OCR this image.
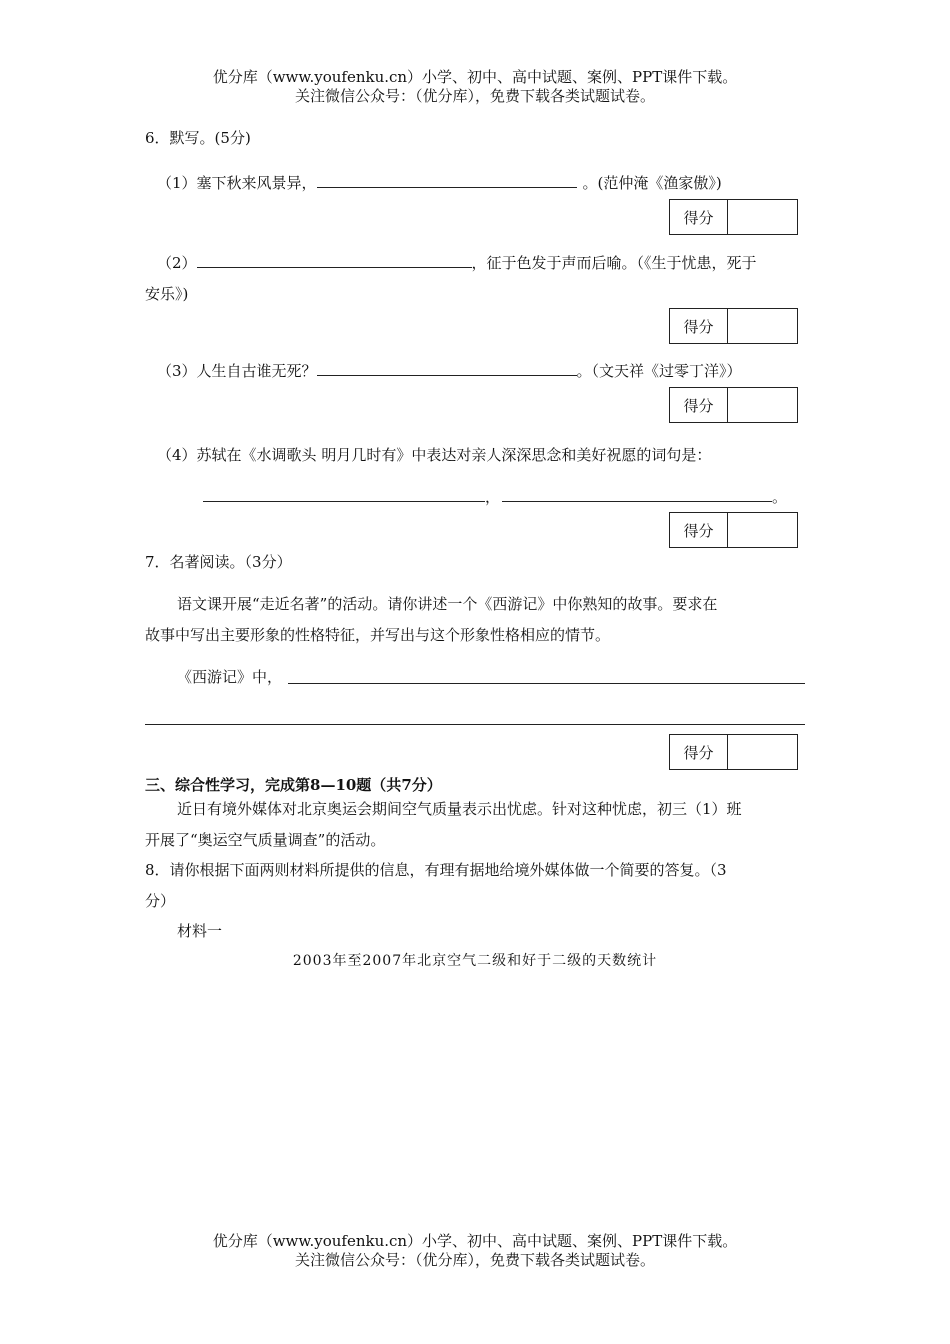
优分库（www.youfenku.cn）小学、初中、高中试题、案例、PPT课件下载。
关注微信公众号：（优分库），免费下载各类试题试卷。
6．默写。(5分)
（1）塞下秋来风景异，	。(范仲淹《渔家傲》)
得分
（2）	，征于色发于声而后喻。（《生于忧患，死于
安乐》)
得分
（3）人生自古谁无死？	。（文天祥《过零丁洋》）
得分
（4）苏轼在《水调歌头 明月几时有》中表达对亲人深深思念和美好祝愿的词句是：
，	。
得分
7．名著阅读。（3分）
语文课开展“走近名著”的活动。请你讲述一个《西游记》中你熟知的故事。要求在
故事中写出主要形象的性格特征，并写出与这个形象性格相应的情节。
《西游记》中，
得分
三、综合性学习，完成第8—10题（共7分）
近日有境外媒体对北京奥运会期间空气质量表示出忧虑。针对这种忧虑，初三（1）班
开展了“奥运空气质量调查”的活动。
8．请你根据下面两则材料所提供的信息，有理有据地给境外媒体做一个简要的答复。（3
分）
材料一
2003年至2007年北京空气二级和好于二级的天数统计
优分库（www.youfenku.cn）小学、初中、高中试题、案例、PPT课件下载。
关注微信公众号：（优分库），免费下载各类试题试卷。
